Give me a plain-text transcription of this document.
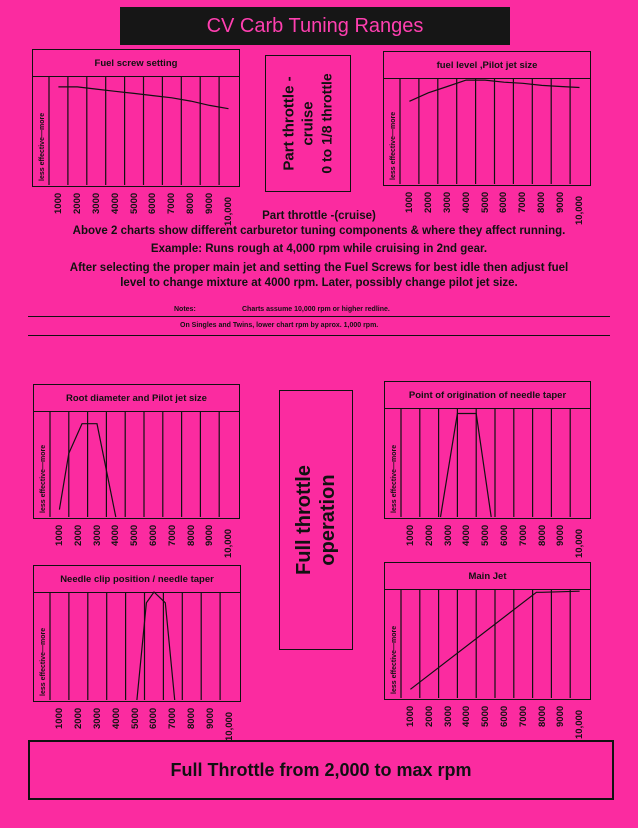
CV Carb Tuning Ranges
Fuel screw setting
less effective—more
fuel level ,Pilot jet size
less effective—more
Root diameter and Pilot jet size
less effective—more
Point of origination of needle taper
less effective—more
Needle clip position / needle taper
less effective—more
Main Jet
less effective—more
Part throttle - cruise 0 to 1/8 throttle
Full throttle operation
Part throttle -(cruise)
Above 2 charts show different carburetor tuning components & where they affect running.
Example: Runs rough at 4,000 rpm while cruising in 2nd gear.
After selecting the proper main jet and setting the Fuel Screws for best idle then adjust fuel
level to change mixture at 4000 rpm. Later, possibly change pilot jet size.
Notes:	Charts assume 10,000 rpm or higher redline.
On Singles and Twins, lower chart rpm by aprox. 1,000 rpm.
Full Throttle from 2,000 to max rpm
1000 2000 3000 4000 5000 6000 7000 8000 9000 10,000	1000 2000 3000 4000 5000 6000 7000 8000 9000 10,000
1000 2000 3000 4000 5000 6000 7000 8000 9000 10,000	1000 2000 3000 4000 5000 6000 7000 8000 9000 10,000
1000 2000 3000 4000 5000 6000 7000 8000 9000 10,000	1000 2000 3000 4000 5000 6000 7000 8000 9000 10,000
